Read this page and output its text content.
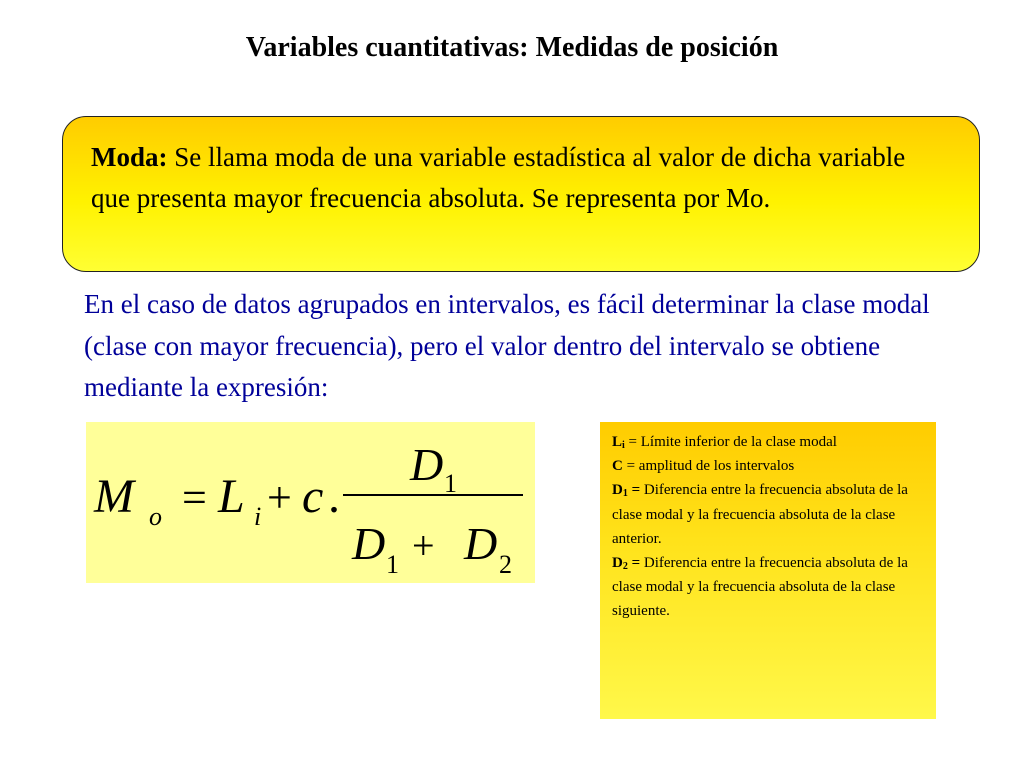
Variables cuantitativas: Medidas de posición
Moda: Se llama moda de una variable estadística al valor de dicha variable que presenta mayor frecuencia absoluta. Se representa por Mo.
En el caso de datos agrupados en intervalos, es fácil determinar la clase modal (clase con mayor frecuencia), pero el valor dentro del intervalo se obtiene mediante la expresión:
M o = L i + c .
D 1
D 1 + D 2
$L_i$ = Límite inferior de la clase modal
C = amplitud de los intervalos
$D_1$ = Diferencia entre la frecuencia absoluta de la clase modal y la frecuencia absoluta de la clase anterior.
$D_2$ = Diferencia entre la frecuencia absoluta de la clase modal y la frecuencia absoluta de la clase siguiente.
